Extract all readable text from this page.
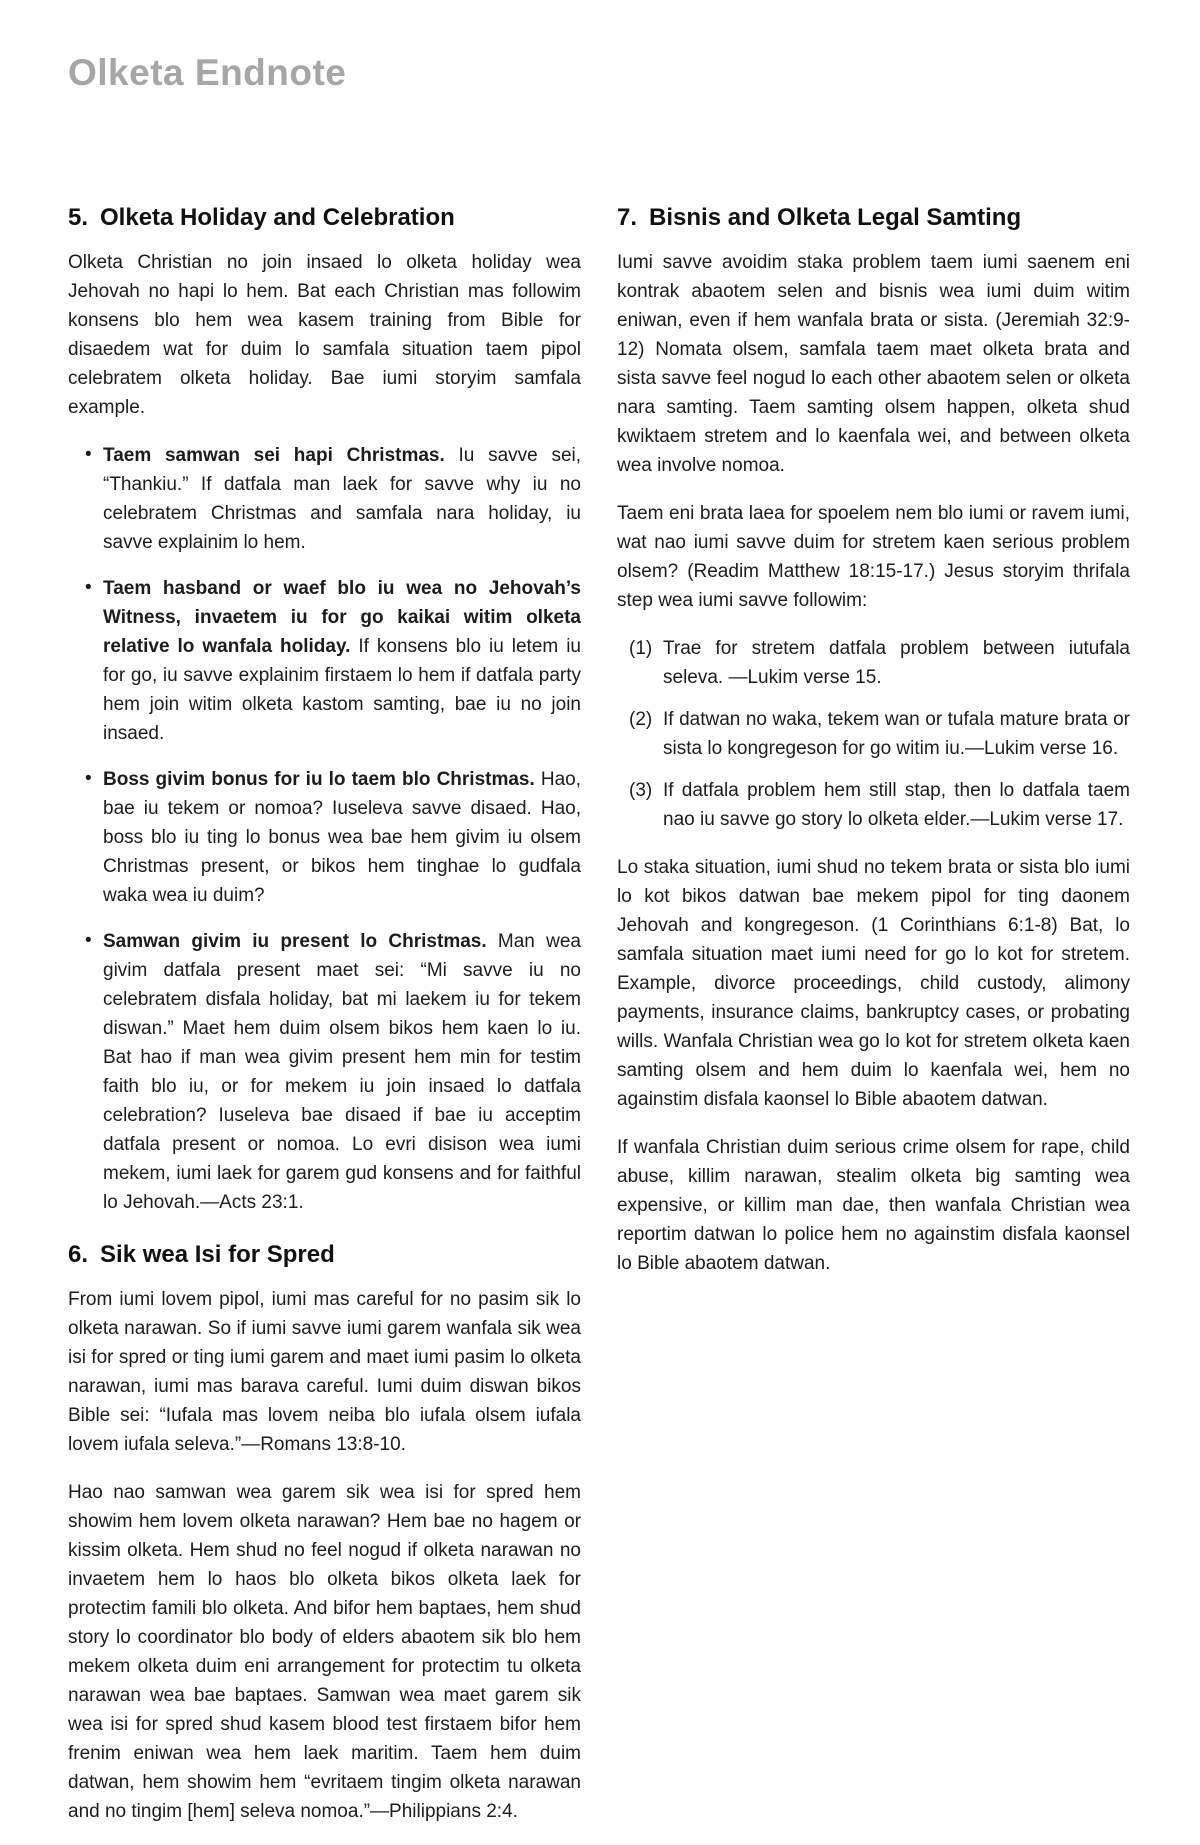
Olketa Endnote
5. Olketa Holiday and Celebration

Olketa Christian no join insaed lo olketa holiday wea Jehovah no hapi lo hem. Bat each Christian mas followim konsens blo hem wea kasem training from Bible for disaedem wat for duim lo samfala situation taem pipol celebratem olketa holiday. Bae iumi storyim samfala example.

• Taem samwan sei hapi Christmas. Iu savve sei, “Thankiu.” If datfala man laek for savve why iu no celebratem Christmas and samfala nara holiday, iu savve explainim lo hem.
• Taem hasband or waef blo iu wea no Jehovah’s Witness, invaetem iu for go kaikai witim olketa relative lo wanfala holiday. If konsens blo iu letem iu for go, iu savve explainim firstaem lo hem if datfala party hem join witim olketa kastom samting, bae iu no join insaed.
• Boss givim bonus for iu lo taem blo Christmas. Hao, bae iu tekem or nomoa? Iuseleva savve disaed. Hao, boss blo iu ting lo bonus wea bae hem givim iu olsem Christmas present, or bikos hem tinghae lo gudfala waka wea iu duim?
• Samwan givim iu present lo Christmas. Man wea givim datfala present maet sei: “Mi savve iu no celebratem disfala holiday, bat mi laekem iu for tekem diswan.” Maet hem duim olsem bikos hem kaen lo iu. Bat hao if man wea givim present hem min for testim faith blo iu, or for mekem iu join insaed lo datfala celebration? Iuseleva bae disaed if bae iu acceptim datfala present or nomoa. Lo evri disison wea iumi mekem, iumi laek for garem gud konsens and for faithful lo Jehovah.—Acts 23:1.
6. Sik wea Isi for Spred

From iumi lovem pipol, iumi mas careful for no pasim sik lo olketa narawan. So if iumi savve iumi garem wanfala sik wea isi for spred or ting iumi garem and maet iumi pasim lo olketa narawan, iumi mas barava careful. Iumi duim diswan bikos Bible sei: “Iufala mas lovem neiba blo iufala olsem iufala lovem iufala seleva.”—Romans 13:8-10.

Hao nao samwan wea garem sik wea isi for spred hem showim hem lovem olketa narawan? Hem bae no hagem or kissim olketa. Hem shud no feel nogud if olketa narawan no invaetem hem lo haos blo olketa bikos olketa laek for protectim famili blo olketa. And bifor hem baptaes, hem shud story lo coordinator blo body of elders abaotem sik blo hem mekem olketa duim eni arrangement for protectim tu olketa narawan wea bae baptaes. Samwan wea maet garem sik wea isi for spred shud kasem blood test firstaem bifor hem frenim eniwan wea hem laek maritim. Taem hem duim datwan, hem showim hem “evritaem tingim olketa narawan and no tingim [hem] seleva nomoa.”—Philippians 2:4.

7. Bisnis and Olketa Legal Samting

Iumi savve avoidim staka problem taem iumi saenem eni kontrak abaotem selen and bisnis wea iumi duim witim eniwan, even if hem wanfala brata or sista. (Jeremiah 32:9-12) Nomata olsem, samfala taem maet olketa brata and sista savve feel nogud lo each other abaotem selen or olketa nara samting. Taem samting olsem happen, olketa shud kwiktaem stretem and lo kaenfala wei, and between olketa wea involve nomoa.

Taem eni brata laea for spoelem nem blo iumi or ravem iumi, wat nao iumi savve duim for stretem kaen serious problem olsem? (Readim Matthew 18:15-17.) Jesus storyim thrifala step wea iumi savve followim:

(1) Trae for stretem datfala problem between iutufala seleva. —Lukim verse 15.
(2) If datwan no waka, tekem wan or tufala mature brata or sista lo kongregeson for go witim iu.—Lukim verse 16.
(3) If datfala problem hem still stap, then lo datfala taem nao iu savve go story lo olketa elder.—Lukim verse 17.

Lo staka situation, iumi shud no tekem brata or sista blo iumi lo kot bikos datwan bae mekem pipol for ting daonem Jehovah and kongregeson. (1 Corinthians 6:1-8) Bat, lo samfala situation maet iumi need for go lo kot for stretem. Example, divorce proceedings, child custody, alimony payments, insurance claims, bankruptcy cases, or probating wills. Wanfala Christian wea go lo kot for stretem olketa kaen samting olsem and hem duim lo kaenfala wei, hem no againstim disfala kaonsel lo Bible abaotem datwan.

If wanfala Christian duim serious crime olsem for rape, child abuse, killim narawan, stealim olketa big samting wea expensive, or killim man dae, then wanfala Christian wea reportim datwan lo police hem no againstim disfala kaonsel lo Bible abaotem datwan.
